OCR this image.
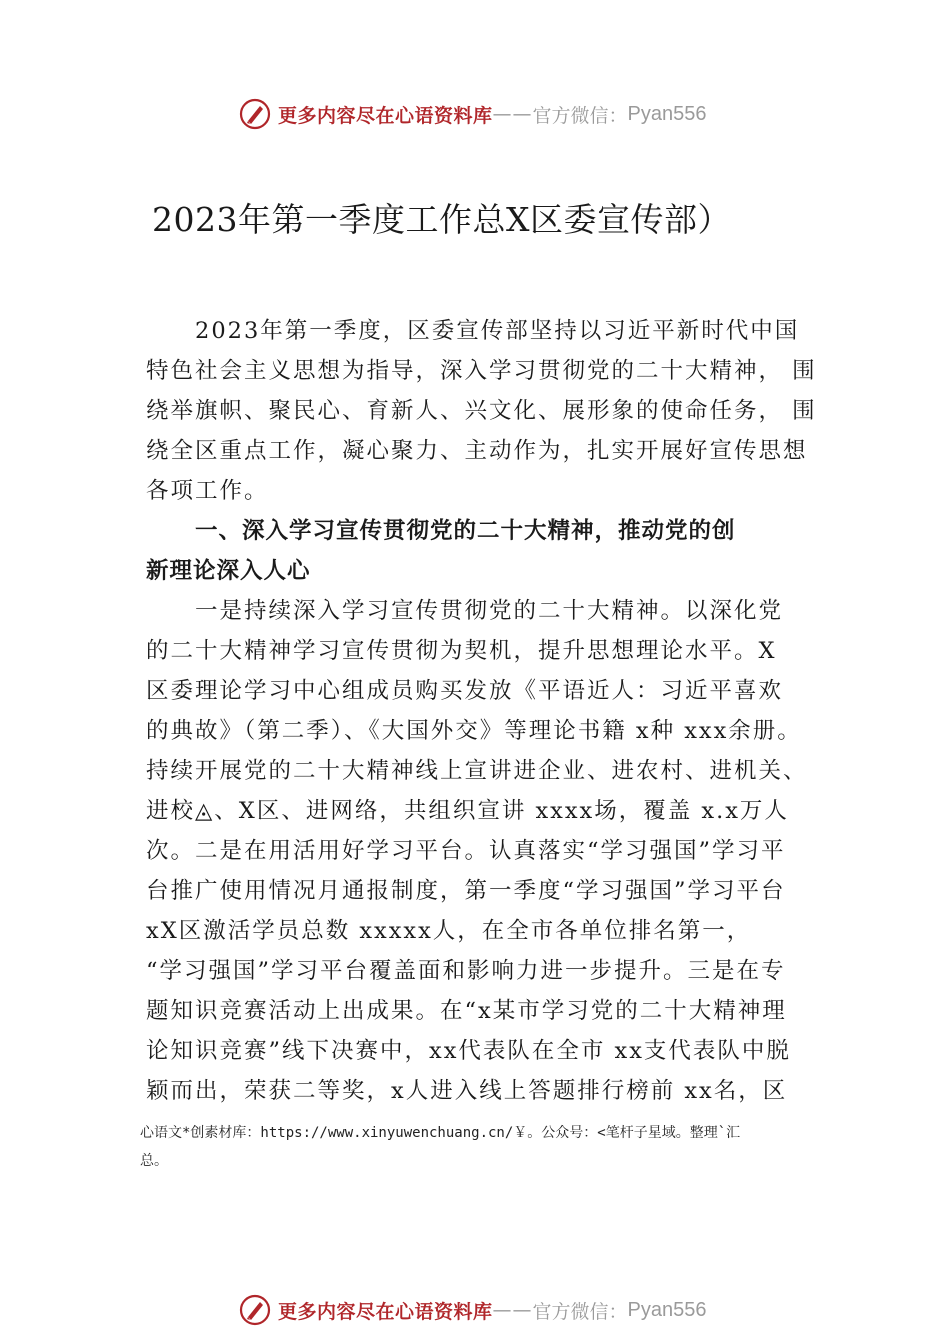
更多内容尽在心语资料库 —— 官方微信： Pyan556
2023年第一季度工作总Ⅹ区委宣传部）
2023年第一季度，区委宣传部坚持以习近平新时代中国
特色社会主义思想为指导，深入学习贯彻党的二十大精神， 围
绕举旗帜、聚民心、育新人、兴文化、展形象的使命任务， 围
绕全区重点工作，凝心聚力、主动作为，扎实开展好宣传思想
各项工作。
一、深入学习宣传贯彻党的二十大精神，推动党的创
新理论深入人心
一是持续深入学习宣传贯彻党的二十大精神。以深化党
的二十大精神学习宣传贯彻为契机，提升思想理论水平。X
区委理论学习中心组成员购买发放《平语近人：习近平喜欢
的典故》（第二季）、《大国外交》等理论书籍 x种 xxx余册。
持续开展党的二十大精神线上宣讲进企业、进农村、进机关、
进校◬、Ⅹ区、进网络，共组织宣讲 xxxx场，覆盖 x.x万人
次。二是在用活用好学习平台。认真落实“学习强国”学习平
台推广使用情况月通报制度，第一季度“学习强国”学习平台
xX区激活学员总数 xxxxx人，在全市各单位排名第一，
“学习强国”学习平台覆盖面和影响力进一步提升。三是在专
题知识竞赛活动上出成果。在“x某市学习党的二十大精神理
论知识竞赛”线下决赛中，xx代表队在全市 xx支代表队中脱
颖而出，荣获二等奖，x人进入线上答题排行榜前 xx名，区
心语文*创素材库：https://www.xinyuwenchuang.cn/￥。公众号：<笔杆子星域。整理`汇
总。
更多内容尽在心语资料库 —— 官方微信： Pyan556
